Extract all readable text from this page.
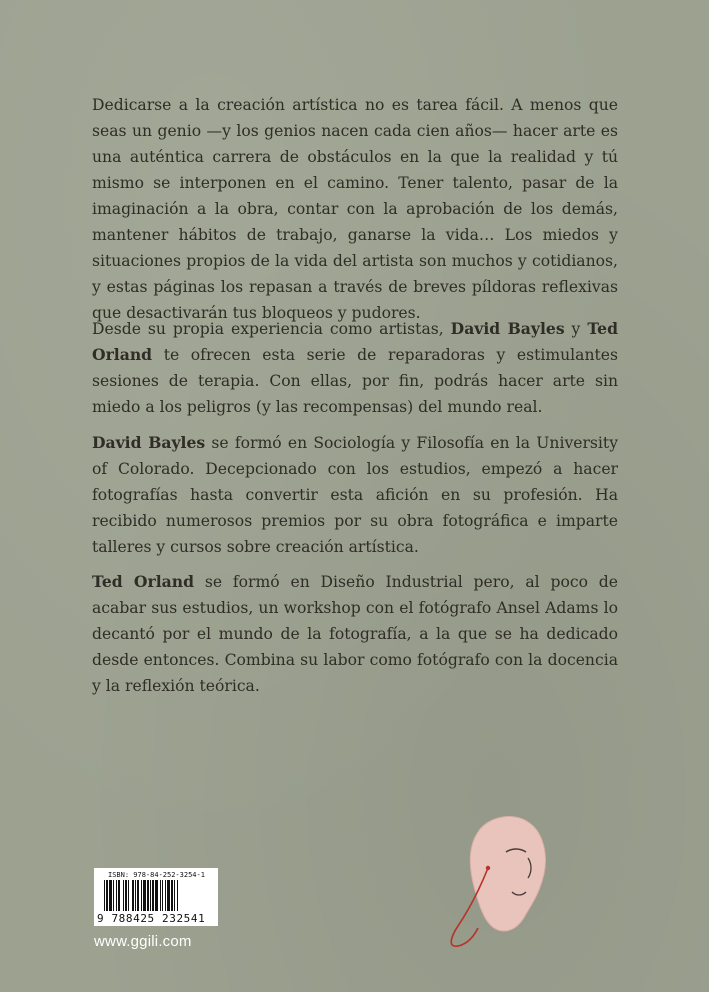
Dedicarse a la creación artística no es tarea fácil. A menos que seas un genio —y los genios nacen cada cien años— hacer arte es una auténtica carrera de obstáculos en la que la realidad y tú mismo se interponen en el camino. Tener talento, pasar de la imaginación a la obra, contar con la aprobación de los demás, mantener hábitos de trabajo, ganarse la vida… Los miedos y situaciones propios de la vida del artista son muchos y cotidianos, y estas páginas los repasan a través de breves píldoras reflexivas que desactivarán tus bloqueos y pudores.

Desde su propia experiencia como artistas, David Bayles y Ted Orland te ofrecen esta serie de reparadoras y estimulantes sesiones de terapia. Con ellas, por fin, podrás hacer arte sin miedo a los peligros (y las recompensas) del mundo real.

David Bayles se formó en Sociología y Filosofía en la University of Colorado. Decepcionado con los estudios, empezó a hacer fotografías hasta convertir esta afición en su profesión. Ha recibido numerosos premios por su obra fotográfica e imparte talleres y cursos sobre creación artística.

Ted Orland se formó en Diseño Industrial pero, al poco de acabar sus estudios, un workshop con el fotógrafo Ansel Adams lo decantó por el mundo de la fotografía, a la que se ha dedicado desde entonces. Combina su labor como fotógrafo con la docencia y la reflexión teórica.

ISBN: 978-84-252-3254-1
9 788425 232541
www.ggili.com
